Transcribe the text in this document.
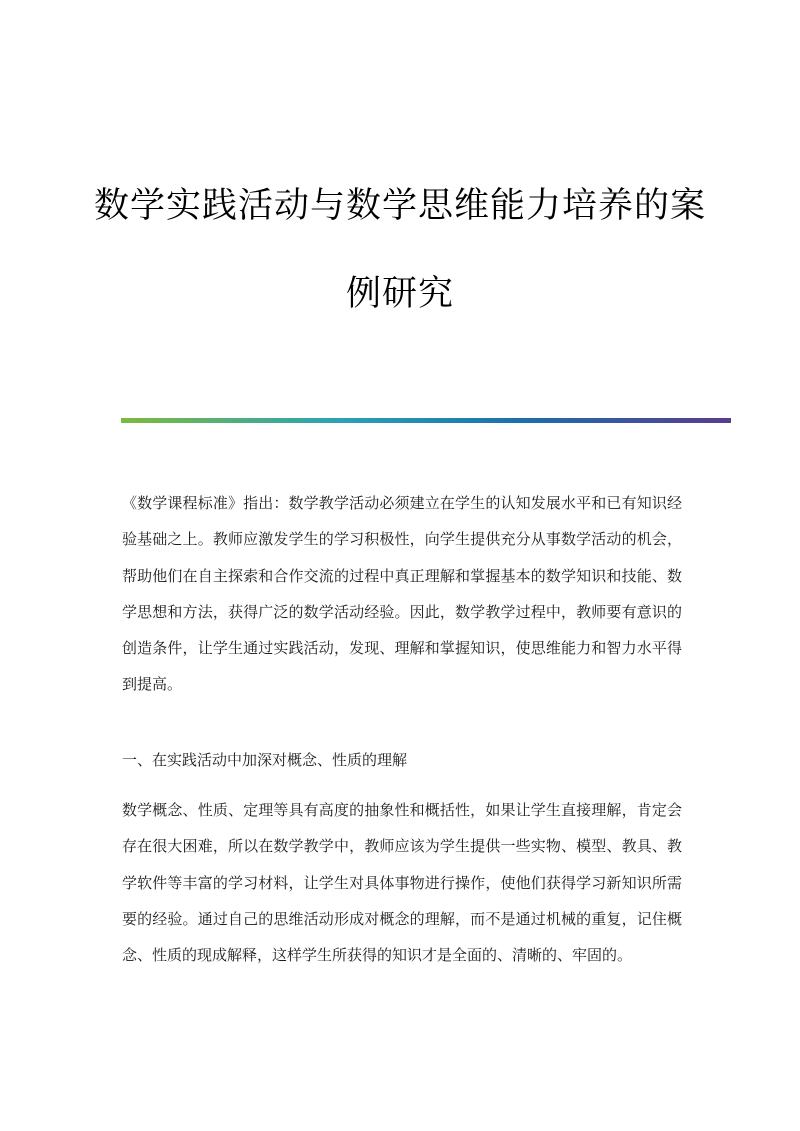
数学实践活动与数学思维能力培养的案
例研究

《数学课程标准》指出：数学教学活动必须建立在学生的认知发展水平和已有知识经验基础之上。教师应激发学生的学习积极性，向学生提供充分从事数学活动的机会，帮助他们在自主探索和合作交流的过程中真正理解和掌握基本的数学知识和技能、数学思想和方法，获得广泛的数学活动经验。因此，数学教学过程中，教师要有意识的创造条件，让学生通过实践活动，发现、理解和掌握知识，使思维能力和智力水平得到提高。

一、在实践活动中加深对概念、性质的理解

数学概念、性质、定理等具有高度的抽象性和概括性，如果让学生直接理解，肯定会存在很大困难，所以在数学教学中，教师应该为学生提供一些实物、模型、教具、教学软件等丰富的学习材料，让学生对具体事物进行操作，使他们获得学习新知识所需要的经验。通过自己的思维活动形成对概念的理解，而不是通过机械的重复，记住概念、性质的现成解释，这样学生所获得的知识才是全面的、清晰的、牢固的。
